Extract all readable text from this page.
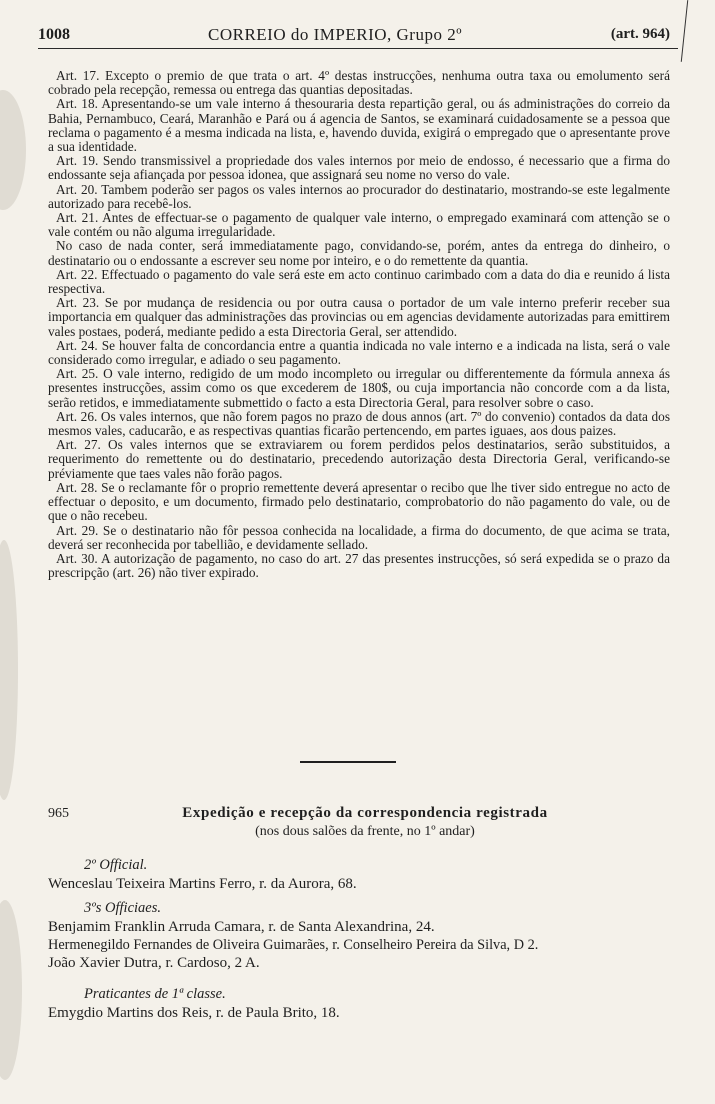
1008	CORREIO do IMPERIO, Grupo 2º	(art. 964)

Art. 17. Excepto o premio de que trata o art. 4º destas instrucções, nenhuma outra taxa ou emolumento será cobrado pela recepção, remessa ou entrega das quantias depositadas.

Art. 18. Apresentando-se um vale interno á thesouraria desta repartição geral, ou ás administrações do correio da Bahia, Pernambuco, Ceará, Maranhão e Pará ou á agencia de Santos, se examinará cuidadosamente se a pessoa que reclama o pagamento é a mesma indicada na lista, e, havendo duvida, exigirá o empregado que o apresentante prove a sua identidade.

Art. 19. Sendo transmissivel a propriedade dos vales internos por meio de endosso, é necessario que a firma do endossante seja afiançada por pessoa idonea, que assignará seu nome no verso do vale.

Art. 20. Tambem poderão ser pagos os vales internos ao procurador do destinatario, mostrando-se este legalmente autorizado para recebê-los.

Art. 21. Antes de effectuar-se o pagamento de qualquer vale interno, o empregado examinará com attenção se o vale contém ou não alguma irregularidade.

No caso de nada conter, será immediatamente pago, convidando-se, porém, antes da entrega do dinheiro, o destinatario ou o endossante a escrever seu nome por inteiro, e o do remettente da quantia.

Art. 22. Effectuado o pagamento do vale será este em acto continuo carimbado com a data do dia e reunido á lista respectiva.

Art. 23. Se por mudança de residencia ou por outra causa o portador de um vale interno preferir receber sua importancia em qualquer das administrações das provincias ou em agencias devidamente autorizadas para emittirem vales postaes, poderá, mediante pedido a esta Directoria Geral, ser attendido.

Art. 24. Se houver falta de concordancia entre a quantia indicada no vale interno e a indicada na lista, será o vale considerado como irregular, e adiado o seu pagamento.

Art. 25. O vale interno, redigido de um modo incompleto ou irregular ou differentemente da fórmula annexa ás presentes instrucções, assim como os que excederem de 180$, ou cuja importancia não concorde com a da lista, serão retidos, e immediatamente submettido o facto a esta Directoria Geral, para resolver sobre o caso.

Art. 26. Os vales internos, que não forem pagos no prazo de dous annos (art. 7º do convenio) contados da data dos mesmos vales, caducarão, e as respectivas quantias ficarão pertencendo, em partes iguaes, aos dous paizes.

Art. 27. Os vales internos que se extraviarem ou forem perdidos pelos destinatarios, serão substituidos, a requerimento do remettente ou do destinatario, precedendo autorização desta Directoria Geral, verificando-se préviamente que taes vales não forão pagos.

Art. 28. Se o reclamante fôr o proprio remettente deverá apresentar o recibo que lhe tiver sido entregue no acto de effectuar o deposito, e um documento, firmado pelo destinatario, comprobatorio do não pagamento do vale, ou de que o não recebeu.

Art. 29. Se o destinatario não fôr pessoa conhecida na localidade, a firma do documento, de que acima se trata, deverá ser reconhecida por tabellião, e devidamente sellado.

Art. 30. A autorização de pagamento, no caso do art. 27 das presentes instrucções, só será expedida se o prazo da prescripção (art. 26) não tiver expirado.

965	Expedição e recepção da correspondencia registrada
(nos dous salões da frente, no 1º andar)
2º Official.
Wenceslau Teixeira Martins Ferro, r. da Aurora, 68.
3ºs Officiaes.
Benjamim Franklin Arruda Camara, r. de Santa Alexandrina, 24.
Hermenegildo Fernandes de Oliveira Guimarães, r. Conselheiro Pereira da Silva, D 2.
João Xavier Dutra, r. Cardoso, 2 A.
Praticantes de 1ª classe.
Emygdio Martins dos Reis, r. de Paula Brito, 18.
